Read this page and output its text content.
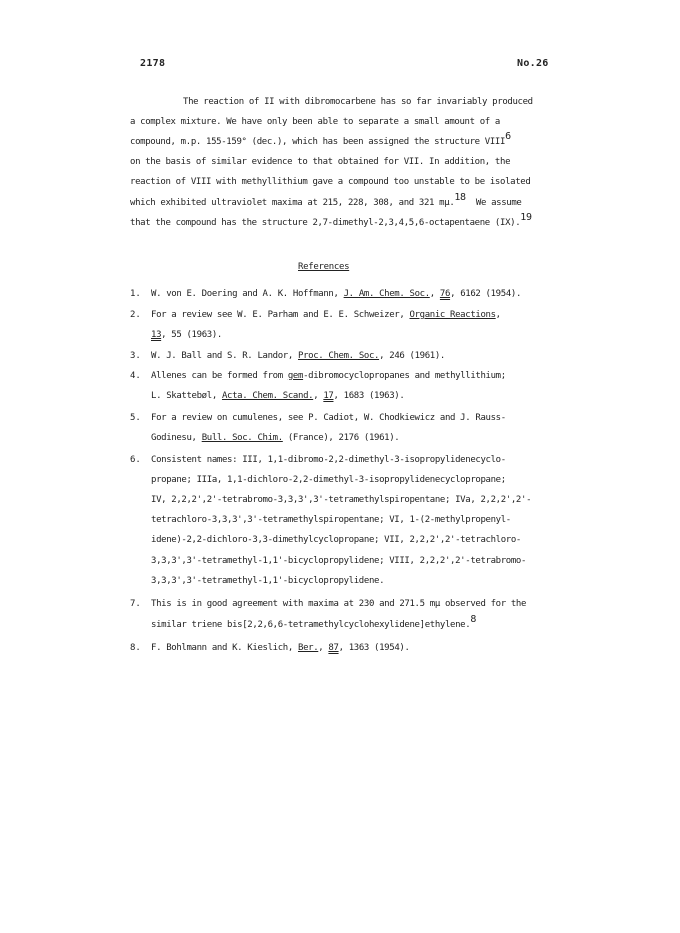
2178	No.26
The reaction of II with dibromocarbene has so far invariably produced
a complex mixture. We have only been able to separate a small amount of a
compound, m.p. 155-159° (dec.), which has been assigned the structure VIII$^6$
on the basis of similar evidence to that obtained for VII. In addition, the
reaction of VIII with methyllithium gave a compound too unstable to be isolated
which exhibited ultraviolet maxima at 215, 228, 308, and 321 mμ.$^{18}$ We assume
that the compound has the structure 2,7-dimethyl-2,3,4,5,6-octapentaene (IX).$^{19}$
References
1. W. von E. Doering and A. K. Hoffmann, J. Am. Chem. Soc., 76, 6162 (1954).
2. For a review see W. E. Parham and E. E. Schweizer, Organic Reactions,
13, 55 (1963).
3. W. J. Ball and S. R. Landor, Proc. Chem. Soc., 246 (1961).
4. Allenes can be formed from gem-dibromocyclopropanes and methyllithium;
L. Skattebøl, Acta. Chem. Scand., 17, 1683 (1963).
5. For a review on cumulenes, see P. Cadiot, W. Chodkiewicz and J. Rauss-
Godinesu, Bull. Soc. Chim. (France), 2176 (1961).
6. Consistent names: III, 1,1-dibromo-2,2-dimethyl-3-isopropylidenecyclo-
propane; IIIa, 1,1-dichloro-2,2-dimethyl-3-isopropylidenecyclopropane;
IV, 2,2,2',2'-tetrabromo-3,3,3',3'-tetramethylspiropentane; IVa, 2,2,2',2'-
tetrachloro-3,3,3',3'-tetramethylspiropentane; VI, 1-(2-methylpropenyl-
idene)-2,2-dichloro-3,3-dimethylcyclopropane; VII, 2,2,2',2'-tetrachloro-
3,3,3',3'-tetramethyl-1,1'-bicyclopropylidene; VIII, 2,2,2',2'-tetrabromo-
3,3,3',3'-tetramethyl-1,1'-bicyclopropylidene.
7. This is in good agreement with maxima at 230 and 271.5 mμ observed for the
similar triene bis[2,2,6,6-tetramethylcyclohexylidene]ethylene.$^8$
8. F. Bohlmann and K. Kieslich, Ber., 87, 1363 (1954).
